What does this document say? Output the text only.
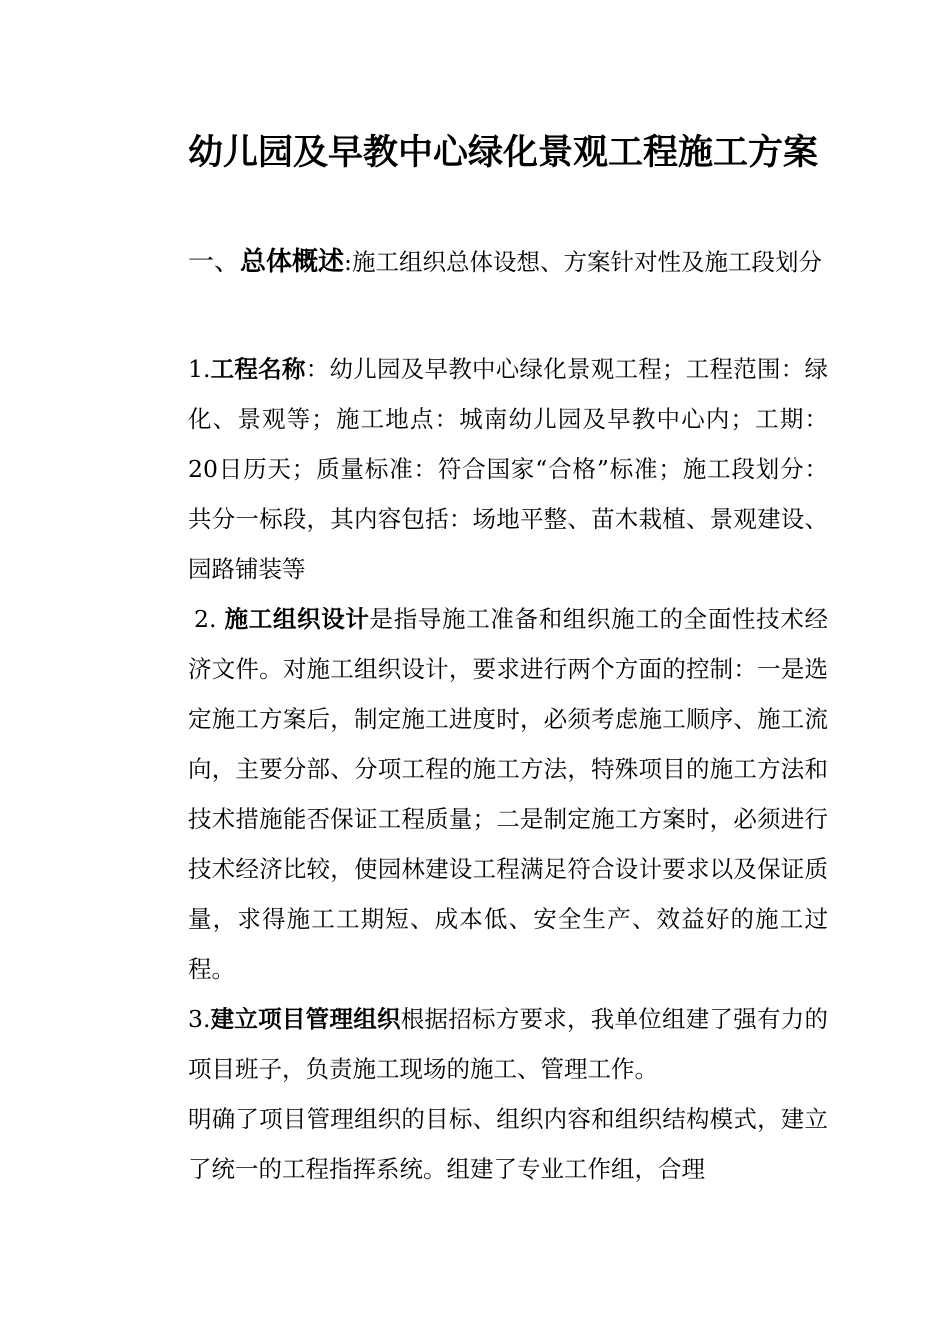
幼儿园及早教中心绿化景观工程施工方案

一、总体概述:施工组织总体设想、方案针对性及施工段划分

1.工程名称：幼儿园及早教中心绿化景观工程；工程范围：绿化、景观等；施工地点：城南幼儿园及早教中心内；工期：20日历天；质量标准：符合国家“合格”标准；施工段划分：共分一标段，其内容包括：场地平整、苗木栽植、景观建设、园路铺装等

2. 施工组织设计是指导施工准备和组织施工的全面性技术经济文件。对施工组织设计，要求进行两个方面的控制：一是选定施工方案后，制定施工进度时，必须考虑施工顺序、施工流向，主要分部、分项工程的施工方法，特殊项目的施工方法和技术措施能否保证工程质量；二是制定施工方案时，必须进行技术经济比较，使园林建设工程满足符合设计要求以及保证质量，求得施工工期短、成本低、安全生产、效益好的施工过程。

3.建立项目管理组织根据招标方要求，我单位组建了强有力的项目班子，负责施工现场的施工、管理工作。

明确了项目管理组织的目标、组织内容和组织结构模式，建立了统一的工程指挥系统。组建了专业工作组，合理
